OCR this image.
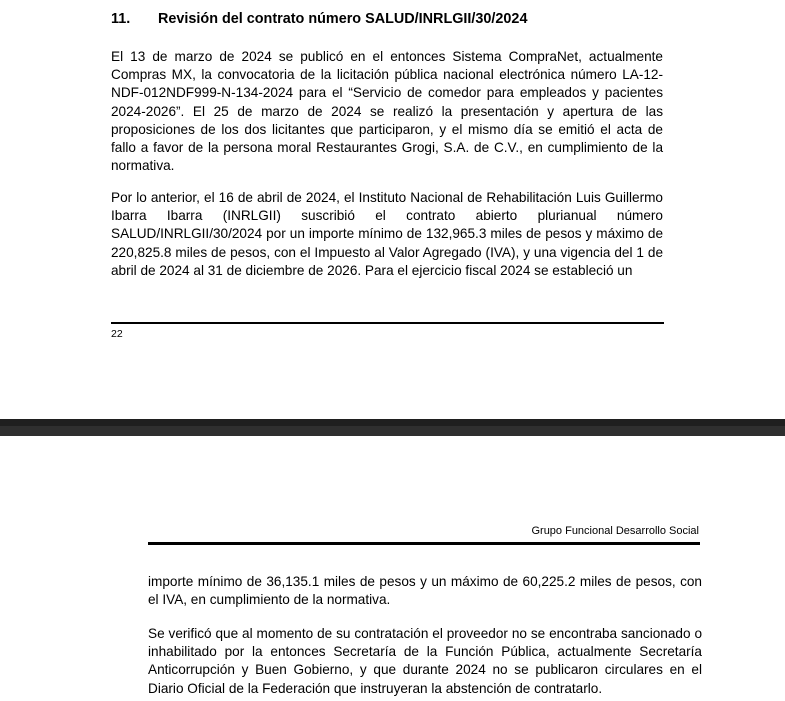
11. Revisión del contrato número SALUD/INRLGII/30/2024

El 13 de marzo de 2024 se publicó en el entonces Sistema CompraNet, actualmente Compras MX, la convocatoria de la licitación pública nacional electrónica número LA-12-NDF-012NDF999-N-134-2024 para el “Servicio de comedor para empleados y pacientes 2024-2026”. El 25 de marzo de 2024 se realizó la presentación y apertura de las proposiciones de los dos licitantes que participaron, y el mismo día se emitió el acta de fallo a favor de la persona moral Restaurantes Grogi, S.A. de C.V., en cumplimiento de la normativa.

Por lo anterior, el 16 de abril de 2024, el Instituto Nacional de Rehabilitación Luis Guillermo Ibarra Ibarra (INRLGII) suscribió el contrato abierto plurianual número SALUD/INRLGII/30/2024 por un importe mínimo de 132,965.3 miles de pesos y máximo de 220,825.8 miles de pesos, con el Impuesto al Valor Agregado (IVA), y una vigencia del 1 de abril de 2024 al 31 de diciembre de 2026. Para el ejercicio fiscal 2024 se estableció un

22
Grupo Funcional Desarrollo Social

importe mínimo de 36,135.1 miles de pesos y un máximo de 60,225.2 miles de pesos, con el IVA, en cumplimiento de la normativa.

Se verificó que al momento de su contratación el proveedor no se encontraba sancionado o inhabilitado por la entonces Secretaría de la Función Pública, actualmente Secretaría Anticorrupción y Buen Gobierno, y que durante 2024 no se publicaron circulares en el Diario Oficial de la Federación que instruyeran la abstención de contratarlo.
